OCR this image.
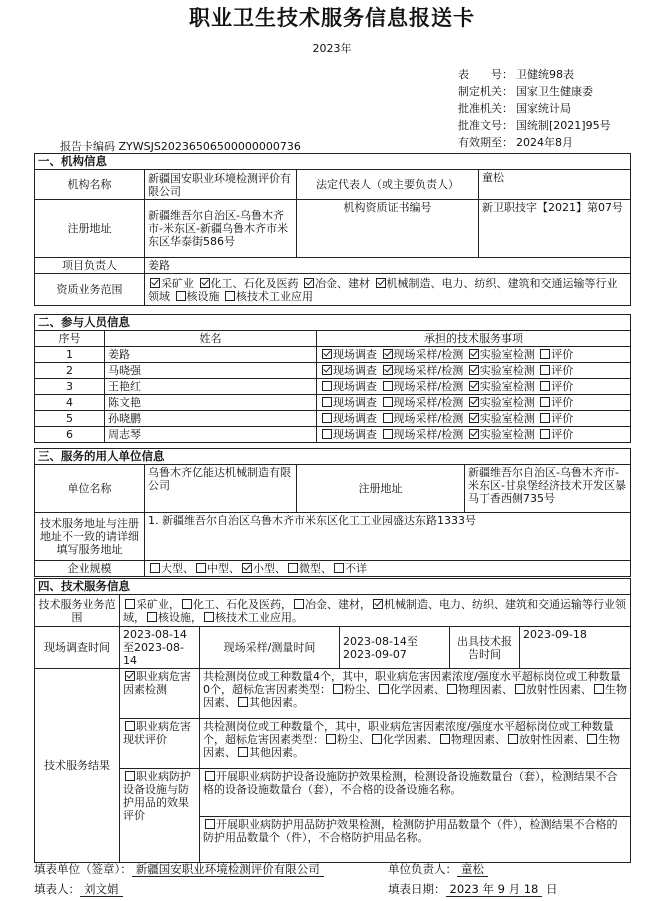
职业卫生技术服务信息报送卡
2023年
表　　号： 卫健统98表
制定机关： 国家卫生健康委
批准机关： 国家统计局
批准文号： 国统制[2021]95号
有效期至： 2024年8月
报告卡编码 ZYWSJS20236506500000000736
一、机构信息			
机构名称	新疆国安职业环境检测评价有限公司	法定代表人（或主要负责人）	童松
注册地址	新疆维吾尔自治区-乌鲁木齐市-米东区-新疆乌鲁木齐市米东区华泰街586号	机构资质证书编号	新卫职技字【2021】第07号
项目负责人	姜路		
资质业务范围	采矿业 化工、石化及医药 冶金、建材 机械制造、电力、纺织、建筑和交通运输等行业领域 核设施 核技术工业应用		
二、参与人员信息		
序号	姓名	承担的技术服务事项
1	姜路	现场调查 现场采样/检测 实验室检测 评价
2	马晓强	现场调查 现场采样/检测 实验室检测 评价
3	王艳红	现场调查 现场采样/检测 实验室检测 评价
4	陈文艳	现场调查 现场采样/检测 实验室检测 评价
5	孙晓鹏	现场调查 现场采样/检测 实验室检测 评价
6	周志琴	现场调查 现场采样/检测 实验室检测 评价
三、服务的用人单位信息			
单位名称	乌鲁木齐亿能达机械制造有限公司	注册地址	新疆维吾尔自治区-乌鲁木齐市-米东区-甘泉堡经济技术开发区暴马丁香西侧735号
技术服务地址与注册地址不一致的请详细填写服务地址	1. 新疆维吾尔自治区乌鲁木齐市米东区化工工业园盛达东路1333号		
企业规模	大型、 中型、 小型、 微型、 不详		
四、技术服务信息					
技术服务业务范围	采矿业， 化工、石化及医药， 冶金、建材， 机械制造、电力、纺织、建筑和交通运输等行业领域， 核设施， 核技术工业应用。				
现场调查时间	2023-08-14至2023-08-14	现场采样/测量时间	2023-08-14至2023-09-07	出具技术报告时间	2023-09-18
技术服务结果	职业病危害因素检测	共检测岗位或工种数量4个，其中，职业病危害因素浓度/强度水平超标岗位或工种数量0个，超标危害因素类型： 粉尘、 化学因素、 物理因素、 放射性因素、 生物因素、 其他因素。			
	职业病危害现状评价	共检测岗位或工种数量个，其中，职业病危害因素浓度/强度水平超标岗位或工种数量个，超标危害因素类型： 粉尘、 化学因素、 物理因素、 放射性因素、 生物因素、 其他因素。			
	职业病防护设备设施与防护用品的效果评价	开展职业病防护设备设施防护效果检测，检测设备设施数量台（套），检测结果不合格的设备设施数量台（套），不合格的设备设施名称。			
		开展职业病防护用品防护效果检测，检测防护用品数量个（件），检测结果不合格的防护用品数量个（件），不合格防护用品名称。			
填表单位（签章）： 新疆国安职业环境检测评价有限公司	单位负责人： 童松
填表人： 刘文娟	填表日期： 2023 年 9 月 18 日
